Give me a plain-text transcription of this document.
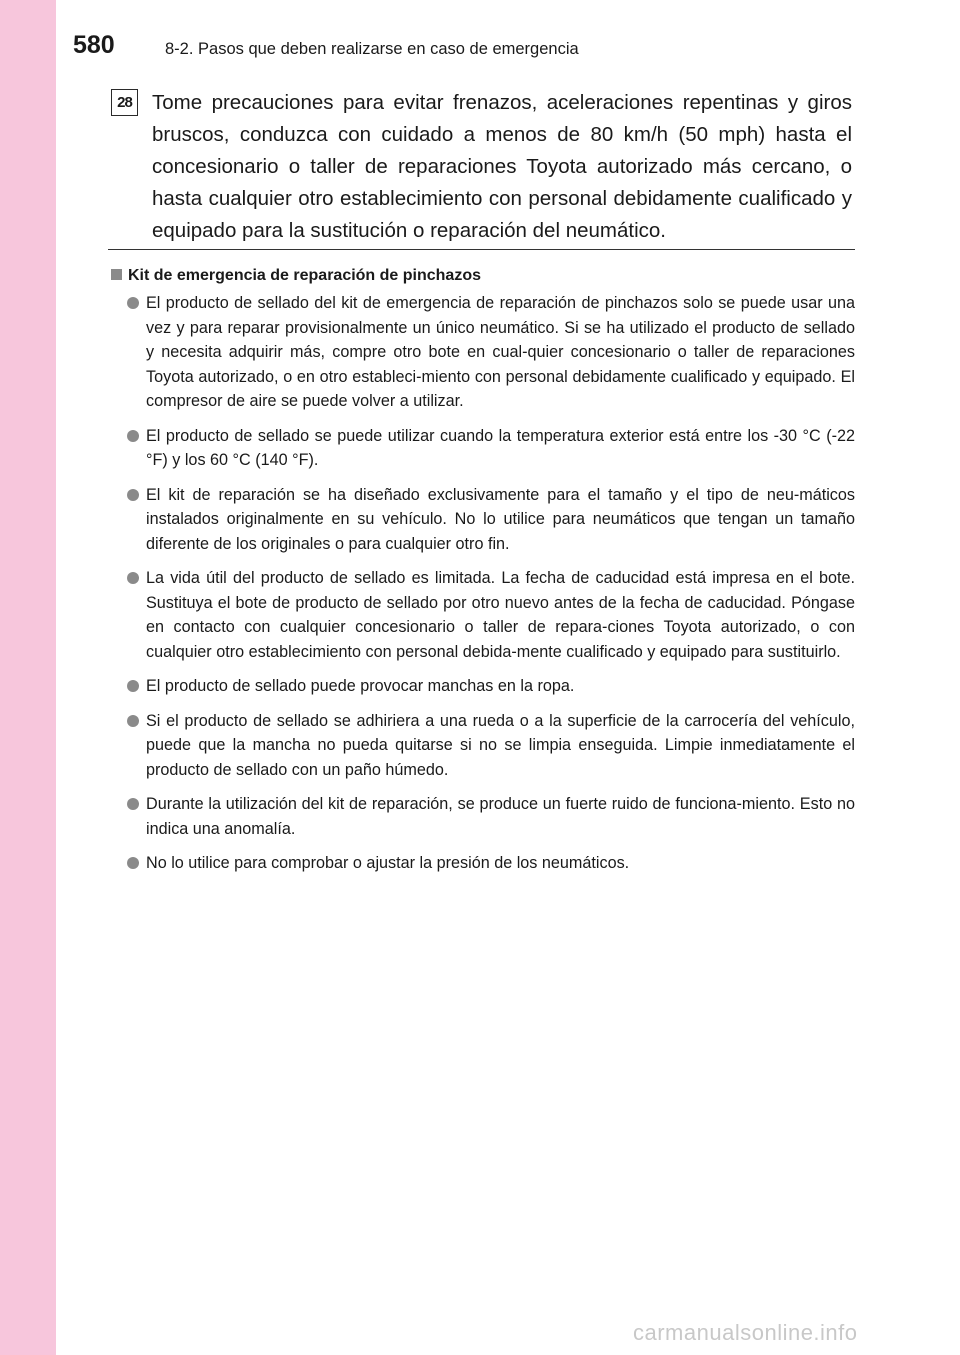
580	8-2. Pasos que deben realizarse en caso de emergencia
28 Tome precauciones para evitar frenazos, aceleraciones repentinas y giros bruscos, conduzca con cuidado a menos de 80 km/h (50 mph) hasta el concesionario o taller de reparaciones Toyota autorizado más cercano, o hasta cualquier otro establecimiento con personal debidamente cualificado y equipado para la sustitución o reparación del neumático.
Kit de emergencia de reparación de pinchazos
El producto de sellado del kit de emergencia de reparación de pinchazos solo se puede usar una vez y para reparar provisionalmente un único neumático. Si se ha utilizado el producto de sellado y necesita adquirir más, compre otro bote en cual-quier concesionario o taller de reparaciones Toyota autorizado, o en otro estableci-miento con personal debidamente cualificado y equipado. El compresor de aire se puede volver a utilizar.
El producto de sellado se puede utilizar cuando la temperatura exterior está entre los -30 °C (-22 °F) y los 60 °C (140 °F).
El kit de reparación se ha diseñado exclusivamente para el tamaño y el tipo de neu-máticos instalados originalmente en su vehículo. No lo utilice para neumáticos que tengan un tamaño diferente de los originales o para cualquier otro fin.
La vida útil del producto de sellado es limitada. La fecha de caducidad está impresa en el bote. Sustituya el bote de producto de sellado por otro nuevo antes de la fecha de caducidad. Póngase en contacto con cualquier concesionario o taller de repara-ciones Toyota autorizado, o con cualquier otro establecimiento con personal debida-mente cualificado y equipado para sustituirlo.
El producto de sellado puede provocar manchas en la ropa.
Si el producto de sellado se adhiriera a una rueda o a la superficie de la carrocería del vehículo, puede que la mancha no pueda quitarse si no se limpia enseguida. Limpie inmediatamente el producto de sellado con un paño húmedo.
Durante la utilización del kit de reparación, se produce un fuerte ruido de funciona-miento. Esto no indica una anomalía.
No lo utilice para comprobar o ajustar la presión de los neumáticos.
carmanualsonline.info
